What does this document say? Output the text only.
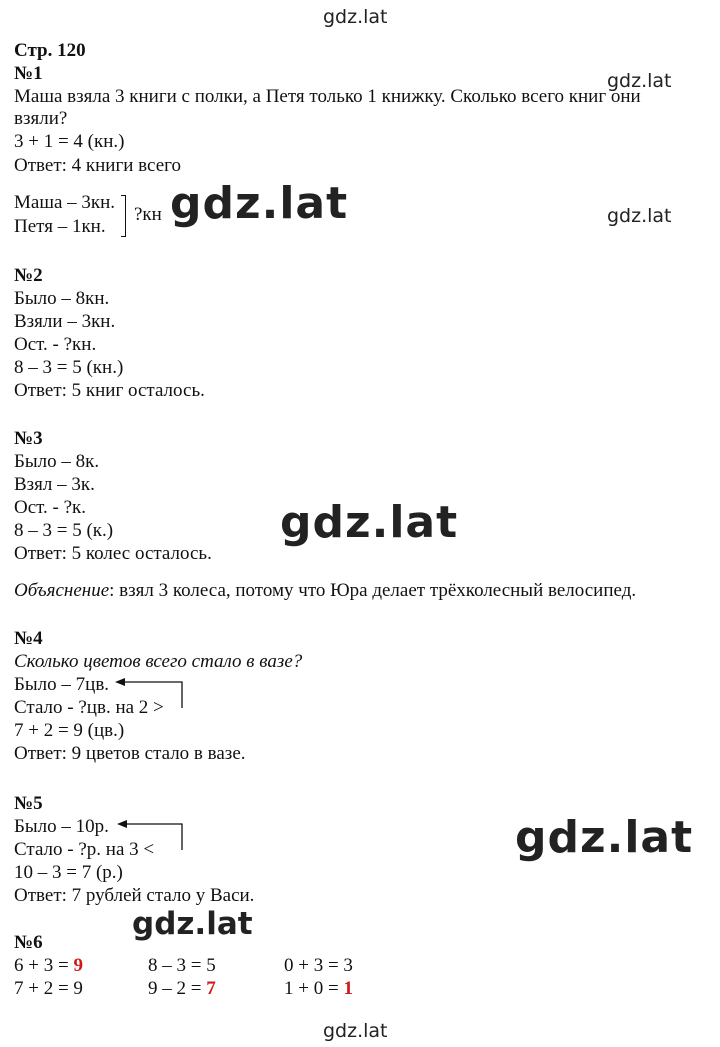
gdz.lat
gdz.lat
gdz.lat
gdz.lat
gdz.lat
gdz.lat
gdz.lat
gdz.lat
Стр. 120
№1
Маша взяла 3 книги с полки, а Петя только 1 книжку. Сколько всего книг они
взяли?
3 + 1 = 4 (кн.)
Ответ: 4 книги всего
Маша – 3кн.
Петя – 1кн.
?кн
№2
Было – 8кн.
Взяли – 3кн.
Ост. - ?кн.
8 – 3 = 5 (кн.)
Ответ: 5 книг осталось.
№3
Было – 8к.
Взял – 3к.
Ост. - ?к.
8 – 3 = 5 (к.)
Ответ: 5 колес осталось.
Объяснение: взял 3 колеса, потому что Юра делает трёхколесный велосипед.
№4
Сколько цветов всего стало в вазе?
Было – 7цв.
Стало - ?цв. на 2 >
7 + 2 = 9 (цв.)
Ответ: 9 цветов стало в вазе.
№5
Было – 10р.
Стало - ?р. на 3 <
10 – 3 = 7 (р.)
Ответ: 7 рублей стало у Васи.
№6
6 + 3 = 9	8 – 3 = 5	0 + 3 = 3
7 + 2 = 9	9 – 2 = 7	1 + 0 = 1
